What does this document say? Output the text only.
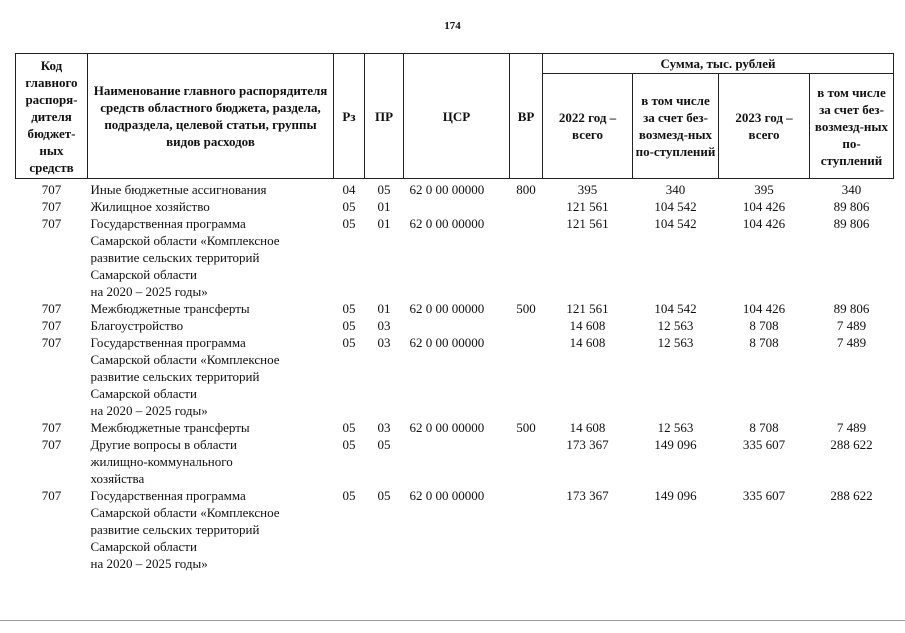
174
Код главного распоря-дителя бюджет-ных средств	Наименование главного распорядителя средств областного бюджета, раздела, подраздела, целевой статьи, группы видов расходов	Рз	ПР	ЦСР	ВР	Сумма, тыс. рублей			
						2022 год – всего	в том числе за счет без-возмезд-ных по-ступлений	2023 год – всего	в том числе за счет без-возмезд-ных по-ступлений
707	Иные бюджетные ассигнования	04	05	62 0 00 00000	800	395	340	395	340
707	Жилищное хозяйство	05	01			121 561	104 542	104 426	89 806
707	Государственная программа
Самарской области «Комплексное
развитие сельских территорий
Самарской области
на 2020 – 2025 годы»	05	01	62 0 00 00000		121 561	104 542	104 426	89 806
707	Межбюджетные трансферты	05	01	62 0 00 00000	500	121 561	104 542	104 426	89 806
707	Благоустройство	05	03			14 608	12 563	8 708	7 489
707	Государственная программа
Самарской области «Комплексное
развитие сельских территорий
Самарской области
на 2020 – 2025 годы»	05	03	62 0 00 00000		14 608	12 563	8 708	7 489
707	Межбюджетные трансферты	05	03	62 0 00 00000	500	14 608	12 563	8 708	7 489
707	Другие вопросы в области
жилищно-коммунального
хозяйства	05	05			173 367	149 096	335 607	288 622
707	Государственная программа
Самарской области «Комплексное
развитие сельских территорий
Самарской области
на 2020 – 2025 годы»	05	05	62 0 00 00000		173 367	149 096	335 607	288 622
